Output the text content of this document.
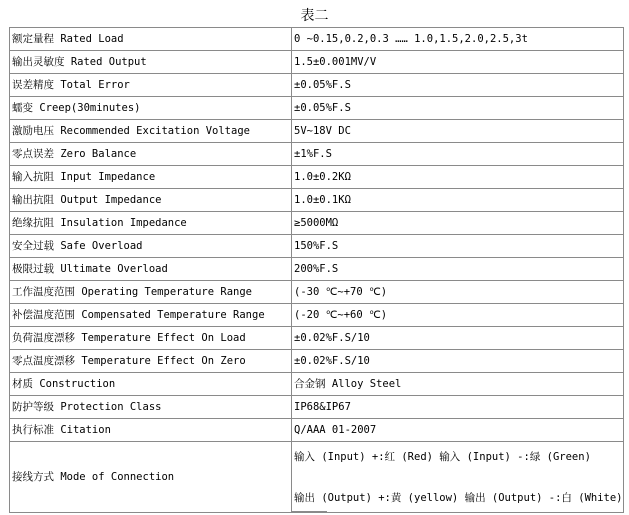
表二
额定量程 Rated Load	0 ~0.15,0.2,0.3 …… 1.0,1.5,2.0,2.5,3t
输出灵敏度 Rated Output	1.5±0.001MV/V
误差精度 Total Error	±0.05%F.S
蠕变 Creep(30minutes)	±0.05%F.S
激励电压 Recommended Excitation Voltage	5V~18V DC
零点误差 Zero Balance	±1%F.S
输入抗阻 Input Impedance	1.0±0.2KΩ
输出抗阻 Output Impedance	1.0±0.1KΩ
绝缘抗阻 Insulation Impedance	≥5000MΩ
安全过载 Safe Overload	150%F.S
极限过载 Ultimate Overload	200%F.S
工作温度范围 Operating Temperature Range	(-30 ℃~+70 ℃)
补偿温度范围 Compensated Temperature Range	(-20 ℃~+60 ℃)
负荷温度漂移 Temperature Effect On Load	±0.02%F.S/10
零点温度漂移 Temperature Effect On Zero	±0.02%F.S/10
材质 Construction	合金钢 Alloy Steel
防护等级 Protection Class	IP68&IP67
执行标准 Citation	Q/AAA 01-2007
接线方式 Mode of Connection	输入 (Input) +:红 (Red) 输入 (Input) -:绿 (Green)
输出 (Output) +:黄 (yellow) 输出 (Output) -:白 (White)
